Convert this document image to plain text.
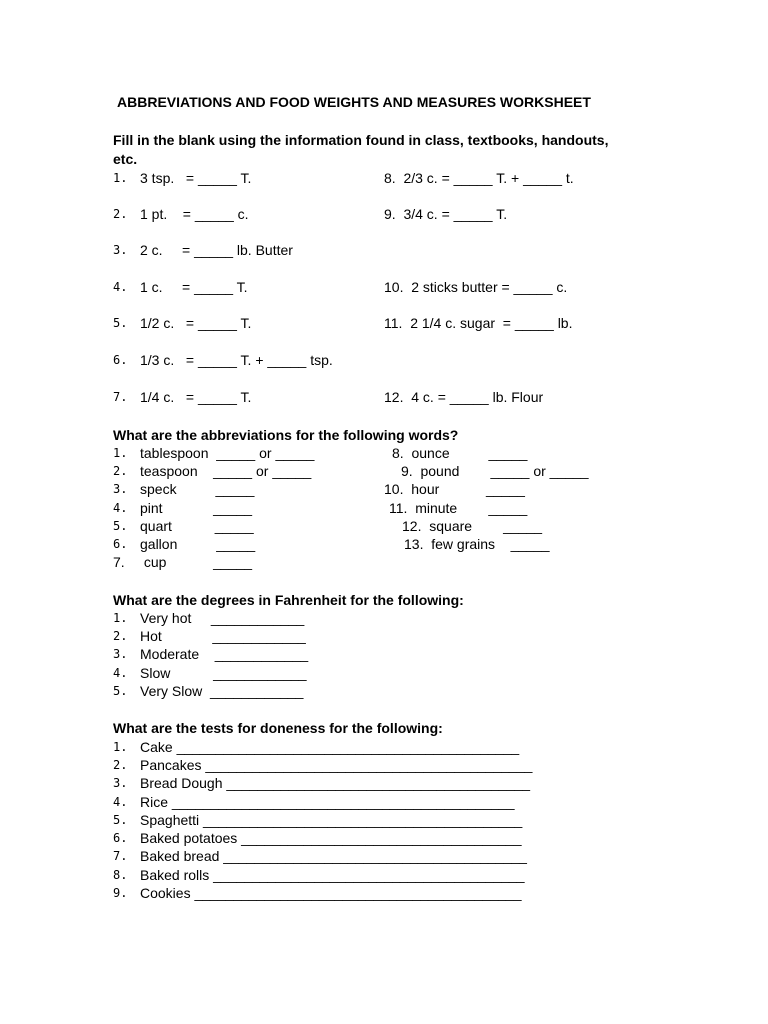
ABBREVIATIONS AND FOOD WEIGHTS AND MEASURES WORKSHEET
Fill in the blank using the information found in class, textbooks, handouts,
etc.
1. 3 tsp.   = _____ T.
2. 1 pt.    = _____ c.
3. 2 c.     = _____ lb. Butter
4. 1 c.     = _____ T.
5. 1/2 c.   = _____ T.
6. 1/3 c.   = _____ T. + _____ tsp.
7. 1/4 c.   = _____ T.
8.  2/3 c. = _____ T. + _____ t.
9.  3/4 c. = _____ T.
10.  2 sticks butter = _____ c.
11.  2 1/4 c. sugar  = _____ lb.
12.  4 c. = _____ lb. Flour
What are the abbreviations for the following words?
1. tablespoon  _____ or _____
2. teaspoon    _____ or _____
3. speck          _____
4. pint             _____
5. quart           _____
6. gallon          _____
7. cup            _____
8.  ounce          _____
9.  pound        _____ or _____
10.  hour            _____
11.  minute        _____
12.  square        _____
13.  few grains    _____
What are the degrees in Fahrenheit for the following:
1. Very hot     ____________
2. Hot             ____________
3. Moderate    ____________
4. Slow           ____________
5. Very Slow  ____________
What are the tests for doneness for the following:
1. Cake ____________________________________________
2. Pancakes __________________________________________
3. Bread Dough _______________________________________
4. Rice ____________________________________________
5. Spaghetti _________________________________________
6. Baked potatoes ____________________________________
7. Baked bread _______________________________________
8. Baked rolls ________________________________________
9. Cookies __________________________________________
